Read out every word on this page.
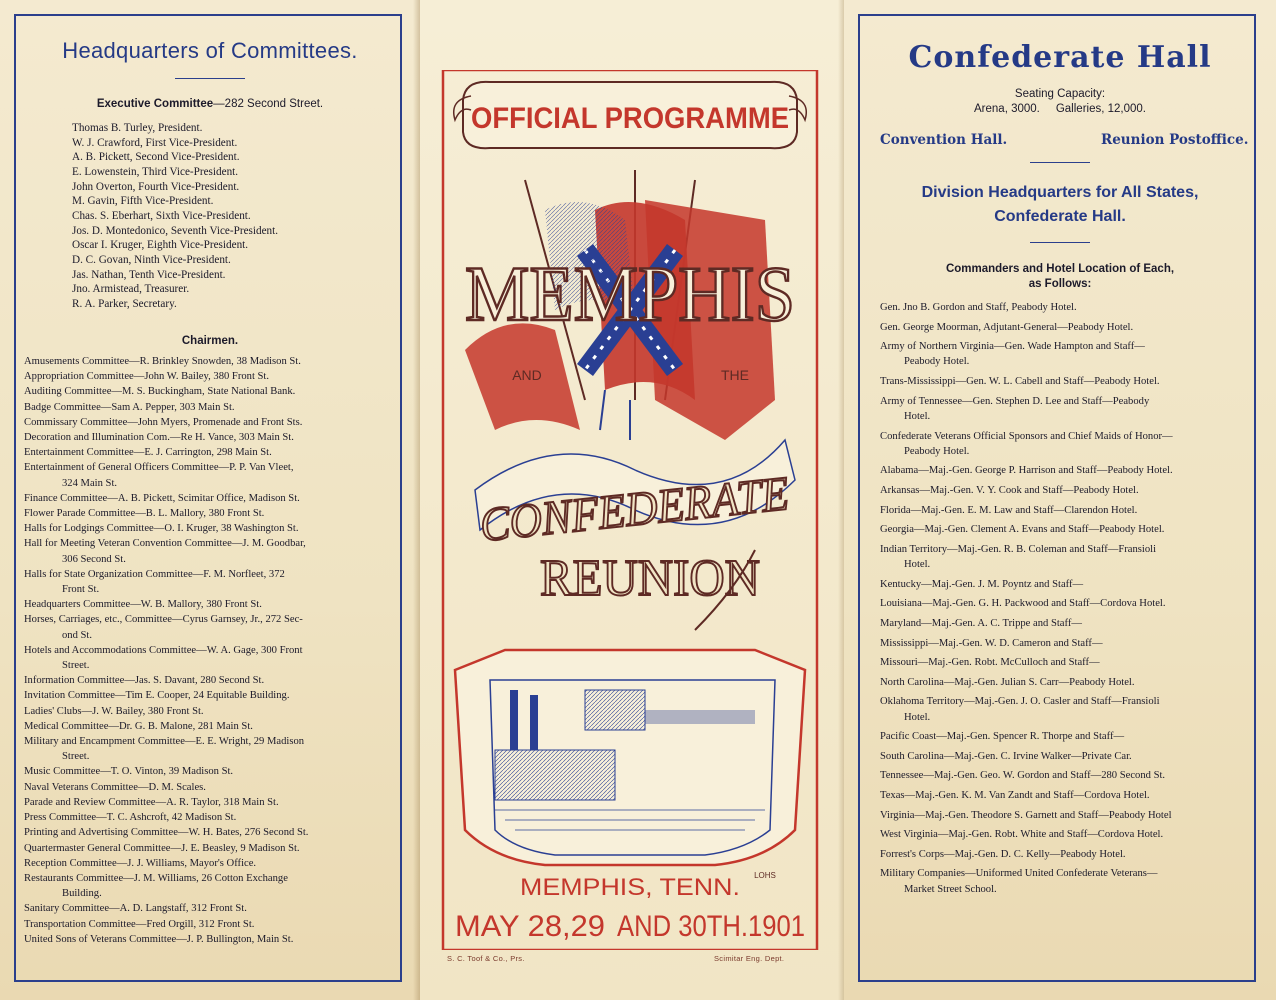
Headquarters of Committees.
Executive Committee—282 Second Street.
Thomas B. Turley, President.
W. J. Crawford, First Vice-President.
A. B. Pickett, Second Vice-President.
E. Lowenstein, Third Vice-President.
John Overton, Fourth Vice-President.
M. Gavin, Fifth Vice-President.
Chas. S. Eberhart, Sixth Vice-President.
Jos. D. Montedonico, Seventh Vice-President.
Oscar I. Kruger, Eighth Vice-President.
D. C. Govan, Ninth Vice-President.
Jas. Nathan, Tenth Vice-President.
Jno. Armistead, Treasurer.
R. A. Parker, Secretary.
Chairmen.
Amusements Committee—R. Brinkley Snowden, 38 Madison St.
Appropriation Committee—John W. Bailey, 380 Front St.
Auditing Committee—M. S. Buckingham, State National Bank.
Badge Committee—Sam A. Pepper, 303 Main St.
Commissary Committee—John Myers, Promenade and Front Sts.
Decoration and Illumination Com.—Re H. Vance, 303 Main St.
Entertainment Committee—E. J. Carrington, 298 Main St.
Entertainment of General Officers Committee—P. P. Van Vleet,
324 Main St.
Finance Committee—A. B. Pickett, Scimitar Office, Madison St.
Flower Parade Committee—B. L. Mallory, 380 Front St.
Halls for Lodgings Committee—O. I. Kruger, 38 Washington St.
Hall for Meeting Veteran Convention Committee—J. M. Goodbar,
306 Second St.
Halls for State Organization Committee—F. M. Norfleet, 372
Front St.
Headquarters Committee—W. B. Mallory, 380 Front St.
Horses, Carriages, etc., Committee—Cyrus Garnsey, Jr., 272 Sec-
ond St.
Hotels and Accommodations Committee—W. A. Gage, 300 Front
Street.
Information Committee—Jas. S. Davant, 280 Second St.
Invitation Committee—Tim E. Cooper, 24 Equitable Building.
Ladies' Clubs—J. W. Bailey, 380 Front St.
Medical Committee—Dr. G. B. Malone, 281 Main St.
Military and Encampment Committee—E. E. Wright, 29 Madison
Street.
Music Committee—T. O. Vinton, 39 Madison St.
Naval Veterans Committee—D. M. Scales.
Parade and Review Committee—A. R. Taylor, 318 Main St.
Press Committee—T. C. Ashcroft, 42 Madison St.
Printing and Advertising Committee—W. H. Bates, 276 Second St.
Quartermaster General Committee—J. E. Beasley, 9 Madison St.
Reception Committee—J. J. Williams, Mayor's Office.
Restaurants Committee—J. M. Williams, 26 Cotton Exchange
Building.
Sanitary Committee—A. D. Langstaff, 312 Front St.
Transportation Committee—Fred Orgill, 312 Front St.
United Sons of Veterans Committee—J. P. Bullington, Main St.
OFFICIAL PROGRAMME
MEMPHIS
AND	THE
CONFEDERATE
REUNION
MEMPHIS, TENN. LOHS
MAY 28,29 AND 30TH.1901
S. C. Toof & Co., Prs.	Scimitar Eng. Dept.
Confederate Hall
Seating Capacity:
Arena, 3000.     Galleries, 12,000.
Convention Hall.	Reunion Postoffice.
Division Headquarters for All States,
Confederate Hall.
Commanders and Hotel Location of Each,
as Follows:
Gen. Jno B. Gordon and Staff, Peabody Hotel.
Gen. George Moorman, Adjutant-General—Peabody Hotel.
Army of Northern Virginia—Gen. Wade Hampton and Staff—
Peabody Hotel.
Trans-Mississippi—Gen. W. L. Cabell and Staff—Peabody Hotel.
Army of Tennessee—Gen. Stephen D. Lee and Staff—Peabody
Hotel.
Confederate Veterans Official Sponsors and Chief Maids of Honor—
Peabody Hotel.
Alabama—Maj.-Gen. George P. Harrison and Staff—Peabody Hotel.
Arkansas—Maj.-Gen. V. Y. Cook and Staff—Peabody Hotel.
Florida—Maj.-Gen. E. M. Law and Staff—Clarendon Hotel.
Georgia—Maj.-Gen. Clement A. Evans and Staff—Peabody Hotel.
Indian Territory—Maj.-Gen. R. B. Coleman and Staff—Fransioli
Hotel.
Kentucky—Maj.-Gen. J. M. Poyntz and Staff—
Louisiana—Maj.-Gen. G. H. Packwood and Staff—Cordova Hotel.
Maryland—Maj.-Gen. A. C. Trippe and Staff—
Mississippi—Maj.-Gen. W. D. Cameron and Staff—
Missouri—Maj.-Gen. Robt. McCulloch and Staff—
North Carolina—Maj.-Gen. Julian S. Carr—Peabody Hotel.
Oklahoma Territory—Maj.-Gen. J. O. Casler and Staff—Fransioli
Hotel.
Pacific Coast—Maj.-Gen. Spencer R. Thorpe and Staff—
South Carolina—Maj.-Gen. C. Irvine Walker—Private Car.
Tennessee—Maj.-Gen. Geo. W. Gordon and Staff—280 Second St.
Texas—Maj.-Gen. K. M. Van Zandt and Staff—Cordova Hotel.
Virginia—Maj.-Gen. Theodore S. Garnett and Staff—Peabody Hotel
West Virginia—Maj.-Gen. Robt. White and Staff—Cordova Hotel.
Forrest's Corps—Maj.-Gen. D. C. Kelly—Peabody Hotel.
Military Companies—Uniformed United Confederate Veterans—
Market Street School.
